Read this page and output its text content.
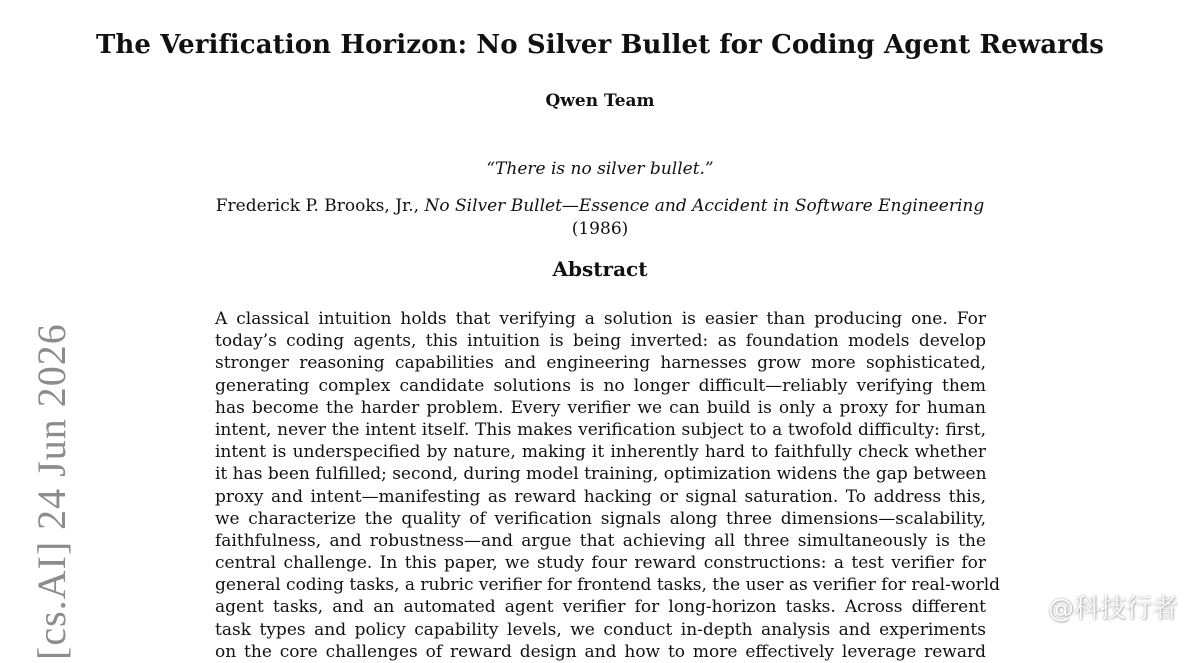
The Verification Horizon: No Silver Bullet for Coding Agent Rewards
Qwen Team
“There is no silver bullet.”
Frederick P. Brooks, Jr., No Silver Bullet—Essence and Accident in Software Engineering
(1986)
Abstract
A classical intuition holds that verifying a solution is easier than producing one. For
today’s coding agents, this intuition is being inverted: as foundation models develop
stronger reasoning capabilities and engineering harnesses grow more sophisticated,
generating complex candidate solutions is no longer difficult—reliably verifying them
has become the harder problem. Every verifier we can build is only a proxy for human
intent, never the intent itself. This makes verification subject to a twofold difficulty: first,
intent is underspecified by nature, making it inherently hard to faithfully check whether
it has been fulfilled; second, during model training, optimization widens the gap between
proxy and intent—manifesting as reward hacking or signal saturation. To address this,
we characterize the quality of verification signals along three dimensions—scalability,
faithfulness, and robustness—and argue that achieving all three simultaneously is the
central challenge. In this paper, we study four reward constructions: a test verifier for
general coding tasks, a rubric verifier for frontend tasks, the user as verifier for real-world
agent tasks, and an automated agent verifier for long-horizon tasks. Across different
task types and policy capability levels, we conduct in-depth analysis and experiments
on the core challenges of reward design and how to more effectively leverage reward
[cs.AI] 24 Jun 2026	@科技行者
